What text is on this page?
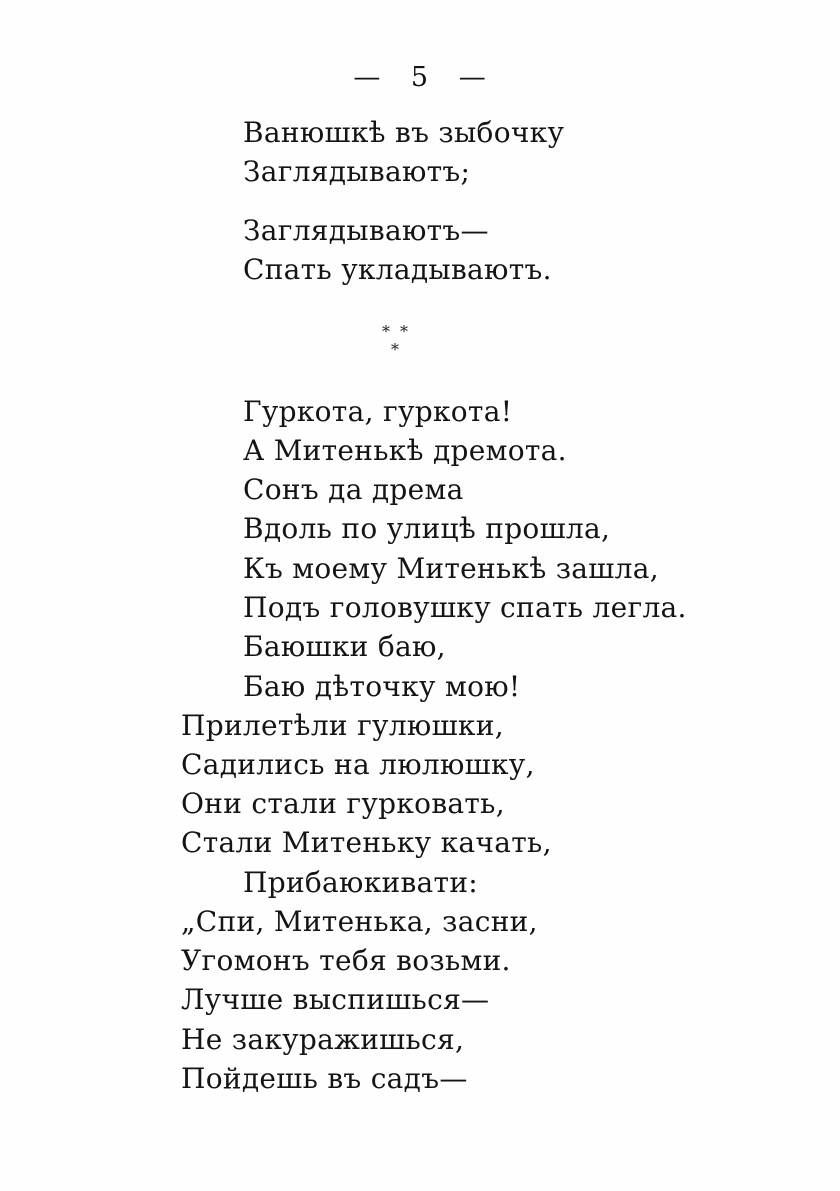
— 5 —
Ванюшкѣ въ зыбочку
Заглядываютъ;
Заглядываютъ—
Спать укладываютъ.
* *
*
Гуркота, гуркота!
А Митенькѣ дремота.
Сонъ да дрема
Вдоль по улицѣ прошла,
Къ моему Митенькѣ зашла,
Подъ головушку спать легла.
Баюшки баю,
Баю дѣточку мою!
Прилетѣли гулюшки,
Садились на люлюшку,
Они стали гурковать,
Стали Митеньку качать,
Прибаюкивати:
„Спи, Митенька, засни,
Угомонъ тебя возьми.
Лучше выспишься—
Не закуражишься,
Пойдешь въ садъ—
